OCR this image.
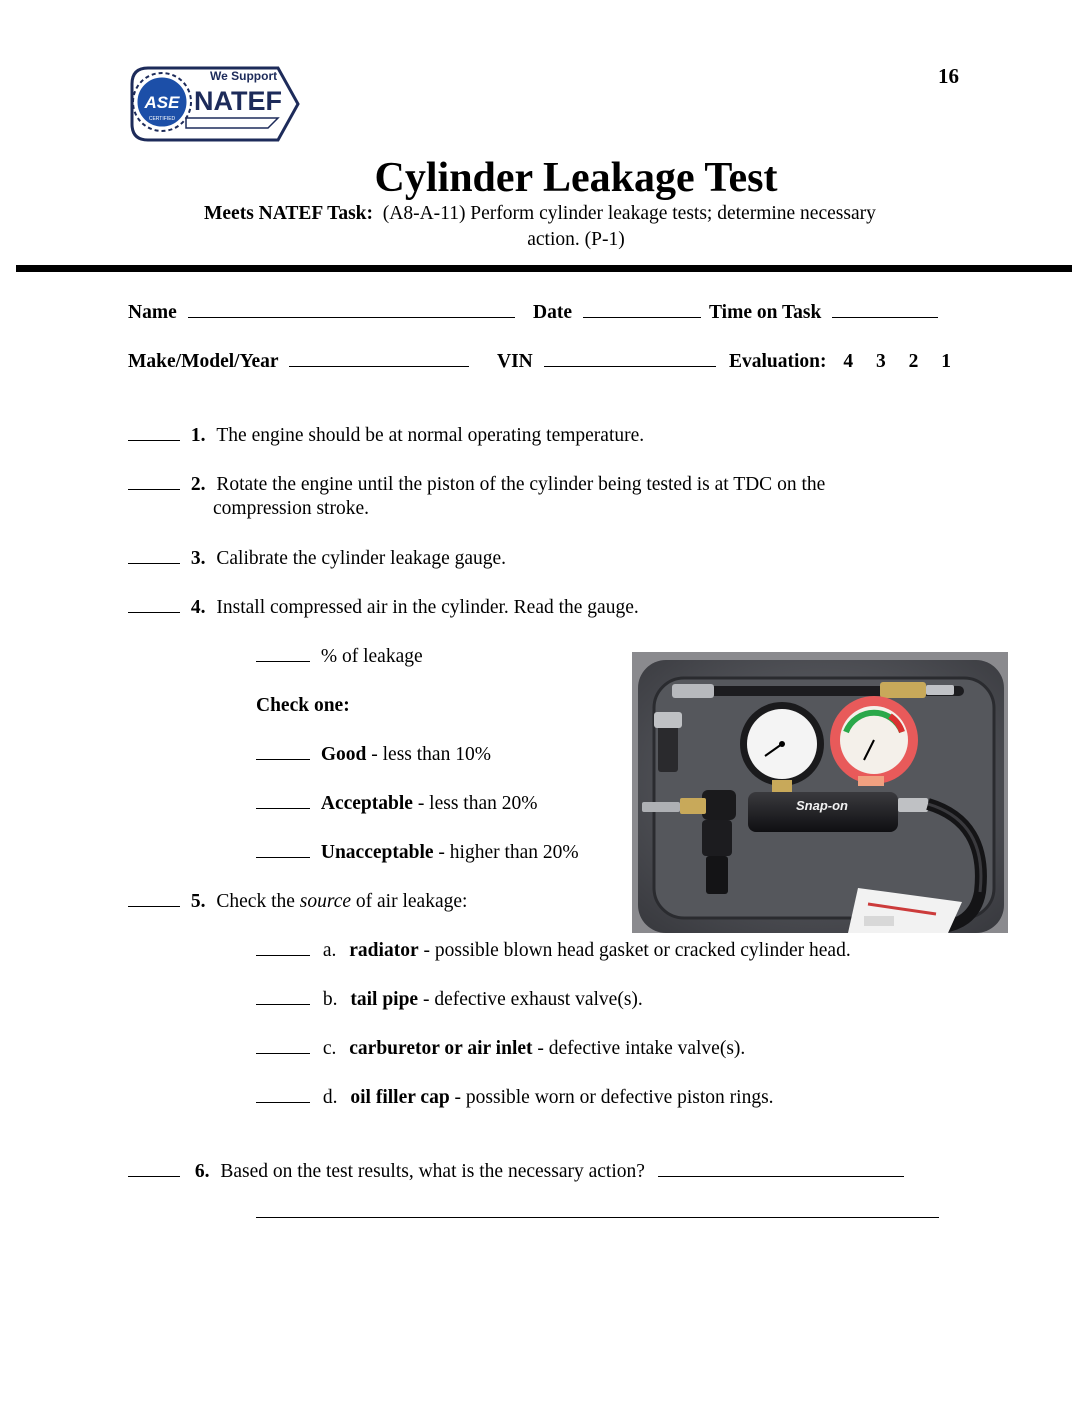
ASE
CERTIFIED
We Support
NATEF
16
Cylinder Leakage Test
Meets NATEF Task: (A8-A-11) Perform cylinder leakage tests; determine necessary
action. (P-1)
Name	Date	Time on Task
Make/Model/Year	VIN	Evaluation: 4 3 2 1
1. The engine should be at normal operating temperature.
2. Rotate the engine until the piston of the cylinder being tested is at TDC on the
compression stroke.
3. Calibrate the cylinder leakage gauge.
4. Install compressed air in the cylinder. Read the gauge.
% of leakage
Check one:
Good - less than 10%
Acceptable - less than 20%
Unacceptable - higher than 20%
5. Check the source of air leakage:
a. radiator - possible blown head gasket or cracked cylinder head.
b. tail pipe - defective exhaust valve(s).
c. carburetor or air inlet - defective intake valve(s).
d. oil filler cap - possible worn or defective piston rings.
6. Based on the test results, what is the necessary action?
Snap-on
